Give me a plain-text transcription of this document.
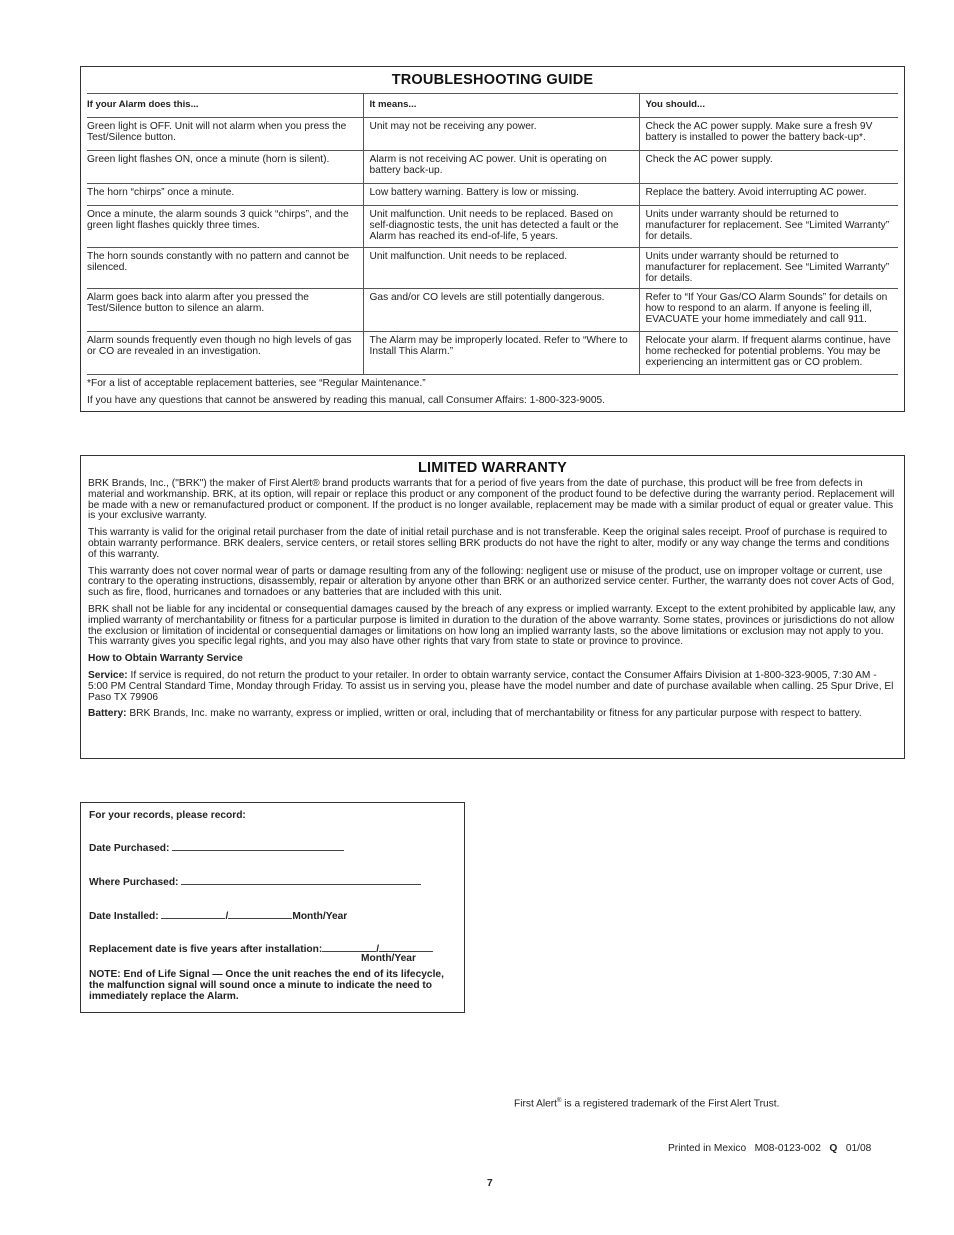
TROUBLESHOOTING GUIDE
If your Alarm does this...	It means...	You should...
Green light is OFF. Unit will not alarm when you press the Test/Silence button.	Unit may not be receiving any power.	Check the AC power supply. Make sure a fresh 9V battery is installed to power the battery back-up*.
Green light flashes ON, once a minute (horn is silent).	Alarm is not receiving AC power. Unit is operating on battery back-up.	Check the AC power supply.
The horn “chirps” once a minute.	Low battery warning. Battery is low or missing.	Replace the battery. Avoid interrupting AC power.
Once a minute, the alarm sounds 3 quick “chirps”, and the green light flashes quickly three times.	Unit malfunction. Unit needs to be replaced. Based on self-diagnostic tests, the unit has detected a fault or the Alarm has reached its end-of-life, 5 years.	Units under warranty should be returned to manufacturer for replacement. See “Limited Warranty” for details.
The horn sounds constantly with no pattern and cannot be silenced.	Unit malfunction. Unit needs to be replaced.	Units under warranty should be returned to manufacturer for replacement. See “Limited Warranty” for details.
Alarm goes back into alarm after you pressed the Test/Silence button to silence an alarm.	Gas and/or CO levels are still potentially dangerous.	Refer to “If Your Gas/CO Alarm Sounds” for details on how to respond to an alarm. If anyone is feeling ill, EVACUATE your home immediately and call 911.
Alarm sounds frequently even though no high levels of gas or CO are revealed in an investigation.	The Alarm may be improperly located. Refer to “Where to Install This Alarm.”	Relocate your alarm. If frequent alarms continue, have home rechecked for potential problems. You may be experiencing an intermittent gas or CO problem.
*For a list of acceptable replacement batteries, see “Regular Maintenance.”
If you have any questions that cannot be answered by reading this manual, call Consumer Affairs: 1-800-323-9005.
LIMITED WARRANTY

BRK Brands, Inc., ("BRK") the maker of First Alert® brand products warrants that for a period of five years from the date of purchase, this product will be free from defects in material and workmanship. BRK, at its option, will repair or replace this product or any component of the product found to be defective during the warranty period. Replacement will be made with a new or remanufactured product or component. If the product is no longer available, replacement may be made with a similar product of equal or greater value. This is your exclusive warranty.

This warranty is valid for the original retail purchaser from the date of initial retail purchase and is not transferable. Keep the original sales receipt. Proof of purchase is required to obtain warranty performance. BRK dealers, service centers, or retail stores selling BRK products do not have the right to alter, modify or any way change the terms and conditions of this warranty.

This warranty does not cover normal wear of parts or damage resulting from any of the following: negligent use or misuse of the product, use on improper voltage or current, use contrary to the operating instructions, disassembly, repair or alteration by anyone other than BRK or an authorized service center. Further, the warranty does not cover Acts of God, such as fire, flood, hurricanes and tornadoes or any batteries that are included with this unit.

BRK shall not be liable for any incidental or consequential damages caused by the breach of any express or implied warranty. Except to the extent prohibited by applicable law, any implied warranty of merchantability or fitness for a particular purpose is limited in duration to the duration of the above warranty. Some states, provinces or jurisdictions do not allow the exclusion or limitation of incidental or consequential damages or limitations on how long an implied warranty lasts, so the above limitations or exclusion may not apply to you. This warranty gives you specific legal rights, and you may also have other rights that vary from state to state or province to province.

How to Obtain Warranty Service

Service: If service is required, do not return the product to your retailer. In order to obtain warranty service, contact the Consumer Affairs Division at 1-800-323-9005, 7:30 AM - 5:00 PM Central Standard Time, Monday through Friday. To assist us in serving you, please have the model number and date of purchase available when calling. 25 Spur Drive, El Paso TX 79906

Battery: BRK Brands, Inc. make no warranty, express or implied, written or oral, including that of merchantability or fitness for any particular purpose with respect to battery.

For your records, please record:
Date Purchased:
Where Purchased:
Date Installed:	/	Month/Year
Replacement date is five years after installation:	/
Month/Year
NOTE: End of Life Signal — Once the unit reaches the end of its lifecycle, the malfunction signal will sound once a minute to indicate the need to immediately replace the Alarm.
First Alert® is a registered trademark of the First Alert Trust.
Printed in Mexico   M08-0123-002 Q 01/08
7
